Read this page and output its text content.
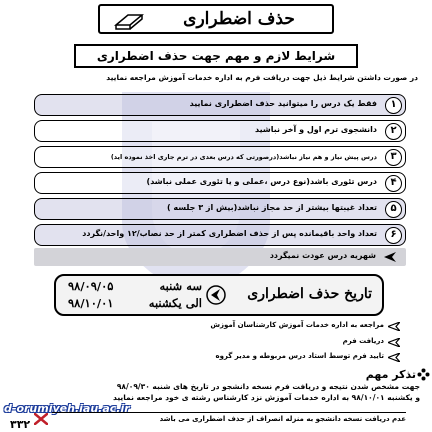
حذف اضطراری
شرایط لازم و مهم جهت حذف اضطراری
در صورت داشتن شرایط ذیل جهت دریافت فرم به اداره خدمات آموزش مراجعه نمایید
۱
فقط یک درس را میتوانید حذف اضطراری نمایید
۲
دانشجوی ترم اول و آخر نباشید
۳
درس پیش نیاز و هم نیاز نباشد(درصورتی که درس بعدی در ترم جاری اخذ نموده اید)
۴
درس تئوری باشد(نوع درس ،عملی و یا تئوری عملی نباشد)
۵
تعداد غیبتها بیشتر از حد مجاز نباشد(بیش از ۳ جلسه )
۶
تعداد واحد باقیمانده پس از حذف اضطراری کمتر از حد نصاب/۱۲ واحد/نگردد
شهریه درس عودت نمیگردد
تاریخ حذف اضطراری
سه شنبه
۹۸/۰۹/۰۵
الی یکشنبه
۹۸/۱۰/۰۱
مراجعه به اداره خدمات آموزش کارشناسان آموزش
دریافت فرم
تایید فرم توسط استاد درس مربوطه و مدیر گروه
تذکر مهم
جهت مشخص شدن نتیجه و دریافت فرم نسخه دانشجو در تاریخ های شنبه ۹۸/۰۹/۳۰
و یکشنبه ۹۸/۱۰/۰۱ به اداره خدمات آموزش نزد کارشناس رشته ی خود مراجعه نمایید
d-orumiyeh.iau.ac.ir
عدم دریافت نسخه دانشجو به منزله انصراف از حذف اضطراری می باشد
۳۳۲
